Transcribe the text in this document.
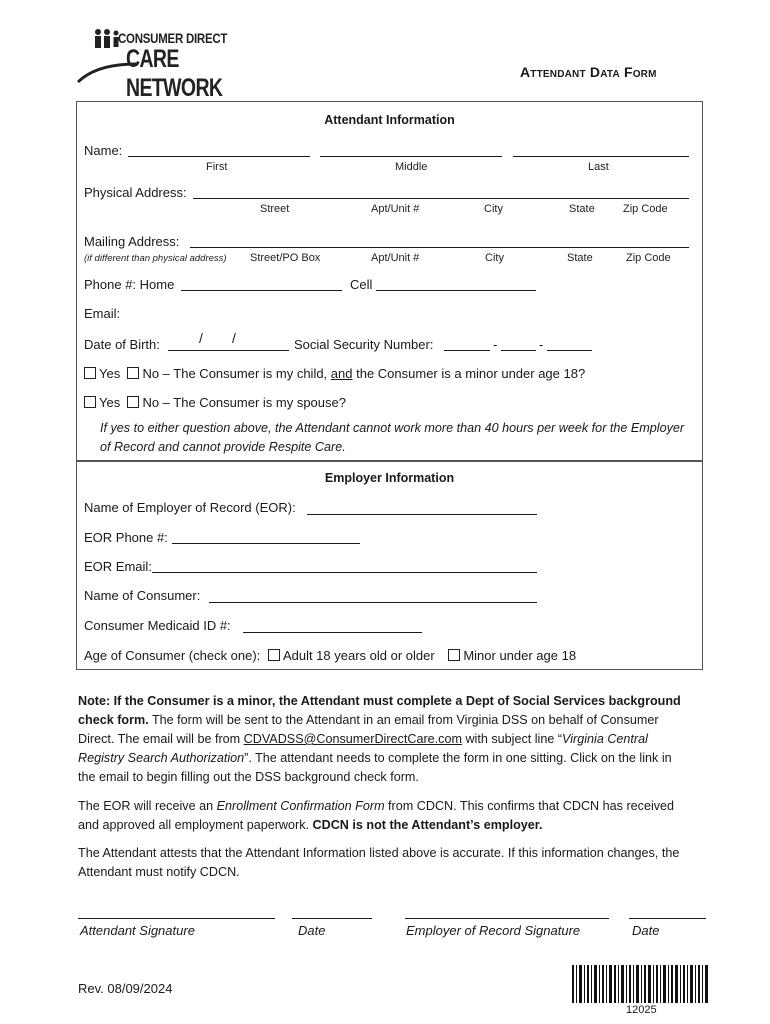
CONSUMER DIRECT
CARE NETWORK
Attendant Data Form
Attendant Information
Name:
First	Middle	Last
Physical Address:
Street	Apt/Unit #	City	State	Zip Code
Mailing Address:
(if different than physical address) Street/PO Box	Apt/Unit #	City	State	Zip Code
Phone #: Home	Cell
Email:
Date of Birth:	/ /	Social Security Number:	-	-
Yes No – The Consumer is my child, and the Consumer is a minor under age 18?
Yes No – The Consumer is my spouse?
If yes to either question above, the Attendant cannot work more than 40 hours per week for the Employer of Record and cannot provide Respite Care.
Employer Information
Name of Employer of Record (EOR):
EOR Phone #:
EOR Email:
Name of Consumer:
Consumer Medicaid ID #:
Age of Consumer (check one): Adult 18 years old or older Minor under age 18
Note: If the Consumer is a minor, the Attendant must complete a Dept of Social Services background check form. The form will be sent to the Attendant in an email from Virginia DSS on behalf of Consumer Direct. The email will be from CDVADSS@ConsumerDirectCare.com with subject line “Virginia Central Registry Search Authorization”. The attendant needs to complete the form in one sitting. Click on the link in the email to begin filling out the DSS background check form.
The EOR will receive an Enrollment Confirmation Form from CDCN. This confirms that CDCN has received and approved all employment paperwork. CDCN is not the Attendant’s employer.
The Attendant attests that the Attendant Information listed above is accurate. If this information changes, the Attendant must notify CDCN.
Attendant Signature	Date	Employer of Record Signature	Date
Rev. 08/09/2024
12025
